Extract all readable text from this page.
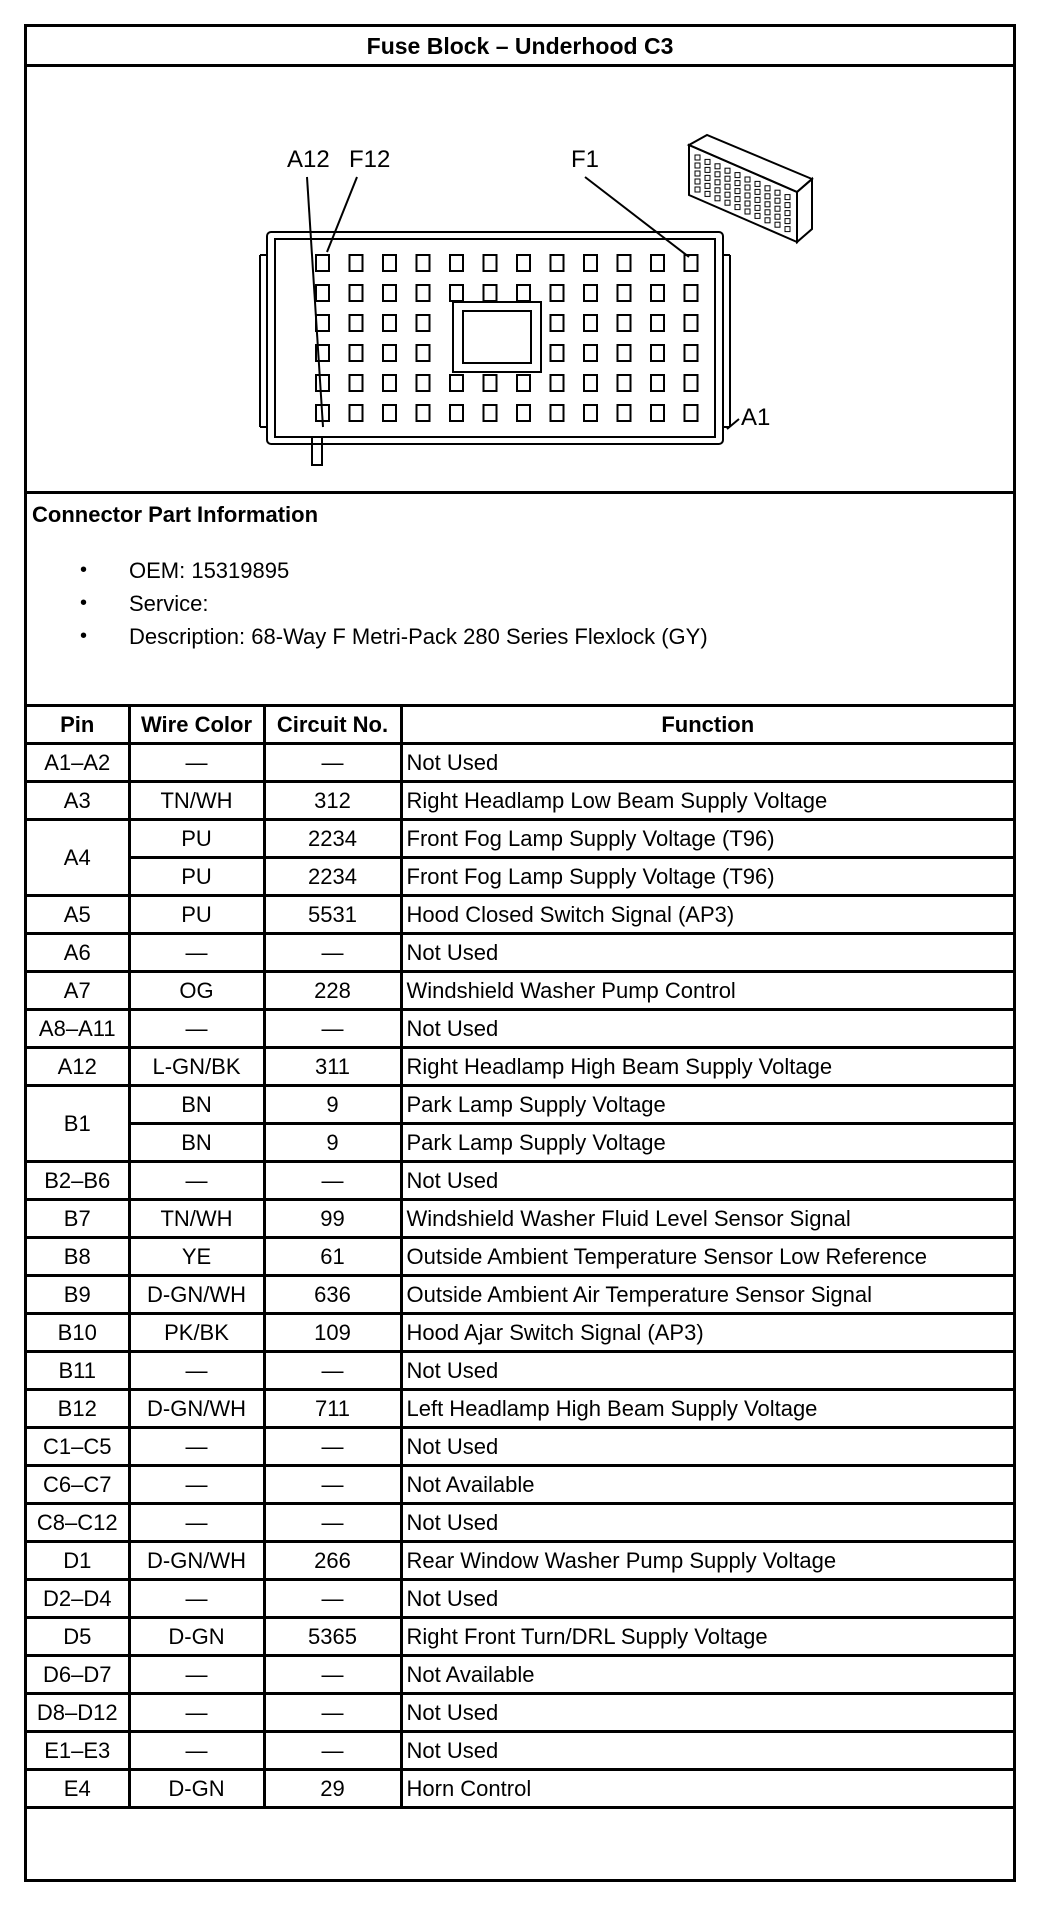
Fuse Block – Underhood C3
A12 F12	F1
A1
Connector Part Information
• OEM: 15319895
• Service:
• Description: 68-Way F Metri-Pack 280 Series Flexlock (GY)
Pin	Wire Color	Circuit No.	Function
A1–A2	—	—	Not Used
A3	TN/WH	312	Right Headlamp Low Beam Supply Voltage
A4	PU	2234	Front Fog Lamp Supply Voltage (T96)
	PU	2234	Front Fog Lamp Supply Voltage (T96)
A5	PU	5531	Hood Closed Switch Signal (AP3)
A6	—	—	Not Used
A7	OG	228	Windshield Washer Pump Control
A8–A11	—	—	Not Used
A12	L-GN/BK	311	Right Headlamp High Beam Supply Voltage
B1	BN	9	Park Lamp Supply Voltage
	BN	9	Park Lamp Supply Voltage
B2–B6	—	—	Not Used
B7	TN/WH	99	Windshield Washer Fluid Level Sensor Signal
B8	YE	61	Outside Ambient Temperature Sensor Low Reference
B9	D-GN/WH	636	Outside Ambient Air Temperature Sensor Signal
B10	PK/BK	109	Hood Ajar Switch Signal (AP3)
B11	—	—	Not Used
B12	D-GN/WH	711	Left Headlamp High Beam Supply Voltage
C1–C5	—	—	Not Used
C6–C7	—	—	Not Available
C8–C12	—	—	Not Used
D1	D-GN/WH	266	Rear Window Washer Pump Supply Voltage
D2–D4	—	—	Not Used
D5	D-GN	5365	Right Front Turn/DRL Supply Voltage
D6–D7	—	—	Not Available
D8–D12	—	—	Not Used
E1–E3	—	—	Not Used
E4	D-GN	29	Horn Control
